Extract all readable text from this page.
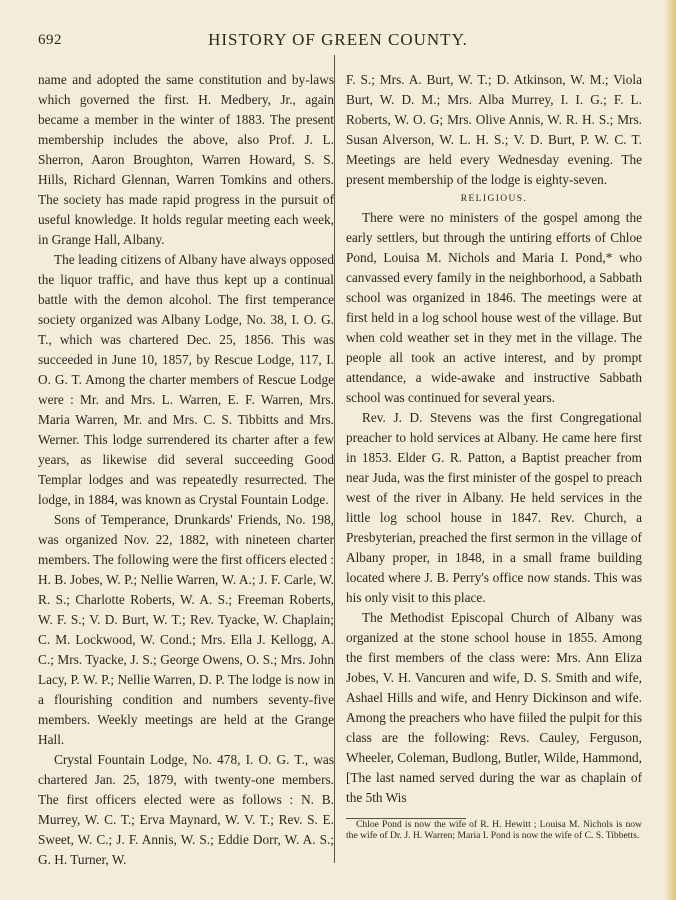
692	HISTORY OF GREEN COUNTY.

name and adopted the same constitution and by-laws which governed the first. H. Medbery, Jr., again became a member in the winter of 1883. The present membership includes the above, also Prof. J. L. Sherron, Aaron Broughton, Warren Howard, S. S. Hills, Richard Glennan, Warren Tomkins and others. The society has made rapid progress in the pursuit of useful knowledge. It holds regular meeting each week, in Grange Hall, Albany.

The leading citizens of Albany have always opposed the liquor traffic, and have thus kept up a continual battle with the demon alcohol. The first temperance society organized was Albany Lodge, No. 38, I. O. G. T., which was chartered Dec. 25, 1856. This was succeeded in June 10, 1857, by Rescue Lodge, 117, I. O. G. T. Among the charter members of Rescue Lodge were : Mr. and Mrs. L. Warren, E. F. Warren, Mrs. Maria Warren, Mr. and Mrs. C. S. Tibbitts and Mrs. Werner. This lodge surrendered its charter after a few years, as likewise did several succeeding Good Templar lodges and was repeatedly resurrected. The lodge, in 1884, was known as Crystal Fountain Lodge.

Sons of Temperance, Drunkards' Friends, No. 198, was organized Nov. 22, 1882, with nineteen charter members. The following were the first officers elected : H. B. Jobes, W. P.; Nellie Warren, W. A.; J. F. Carle, W. R. S.; Charlotte Roberts, W. A. S.; Freeman Roberts, W. F. S.; V. D. Burt, W. T.; Rev. Tyacke, W. Chaplain; C. M. Lockwood, W. Cond.; Mrs. Ella J. Kellogg, A. C.; Mrs. Tyacke, J. S.; George Owens, O. S.; Mrs. John Lacy, P. W. P.; Nellie Warren, D. P. The lodge is now in a flourishing condition and numbers seventy-five members. Weekly meetings are held at the Grange Hall.

Crystal Fountain Lodge, No. 478, I. O. G. T., was chartered Jan. 25, 1879, with twenty-one members. The first officers elected were as follows : N. B. Murrey, W. C. T.; Erva Maynard, W. V. T.; Rev. S. E. Sweet, W. C.; J. F. Annis, W. S.; Eddie Dorr, W. A. S.; G. H. Turner, W.

F. S.; Mrs. A. Burt, W. T.; D. Atkinson, W. M.; Viola Burt, W. D. M.; Mrs. Alba Murrey, I. I. G.; F. L. Roberts, W. O. G; Mrs. Olive Annis, W. R. H. S.; Mrs. Susan Alverson, W. L. H. S.; V. D. Burt, P. W. C. T. Meetings are held every Wednesday evening. The present membership of the lodge is eighty-seven.

RELIGIOUS.

There were no ministers of the gospel among the early settlers, but through the untiring efforts of Chloe Pond, Louisa M. Nichols and Maria I. Pond,* who canvassed every family in the neighborhood, a Sabbath school was organized in 1846. The meetings were at first held in a log school house west of the village. But when cold weather set in they met in the village. The people all took an active interest, and by prompt attendance, a wide-awake and instructive Sabbath school was continued for several years.

Rev. J. D. Stevens was the first Congregational preacher to hold services at Albany. He came here first in 1853. Elder G. R. Patton, a Baptist preacher from near Juda, was the first minister of the gospel to preach west of the river in Albany. He held services in the little log school house in 1847. Rev. Church, a Presbyterian, preached the first sermon in the village of Albany proper, in 1848, in a small frame building located where J. B. Perry's office now stands. This was his only visit to this place.

The Methodist Episcopal Church of Albany was organized at the stone school house in 1855. Among the first members of the class were: Mrs. Ann Eliza Jobes, V. H. Vancuren and wife, D. S. Smith and wife, Ashael Hills and wife, and Henry Dickinson and wife. Among the preachers who have fiiled the pulpit for this class are the following: Revs. Cauley, Ferguson, Wheeler, Coleman, Budlong, Butler, Wilde, Hammond, [The last named served during the war as chaplain of the 5th Wis

Chloe Pond is now the wife of R. H. Hewitt ; Louisa M. Nichols is now the wife of Dr. J. H. Warren; Maria I. Pond is now the wife of C. S. Tibbetts.
